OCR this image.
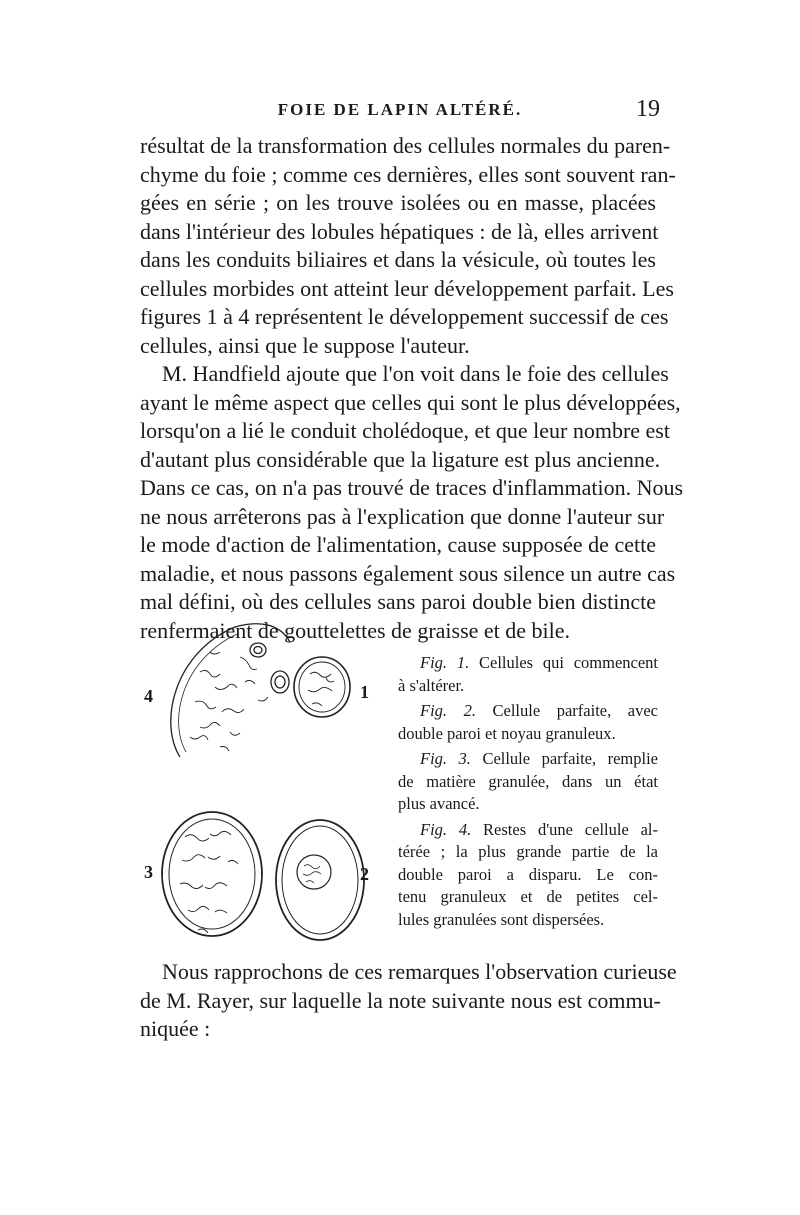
FOIE DE LAPIN ALTÉRÉ.	19
résultat de la transformation des cellules normales du paren-
chyme du foie ; comme ces dernières, elles sont souvent ran-
gées en série ; on les trouve isolées ou en masse, placées
dans l'intérieur des lobules hépatiques : de là, elles arrivent
dans les conduits biliaires et dans la vésicule, où toutes les
cellules morbides ont atteint leur développement parfait. Les
figures 1 à 4 représentent le développement successif de ces
cellules, ainsi que le suppose l'auteur.
M. Handfield ajoute que l'on voit dans le foie des cellules
ayant le même aspect que celles qui sont le plus développées,
lorsqu'on a lié le conduit cholédoque, et que leur nombre est
d'autant plus considérable que la ligature est plus ancienne.
Dans ce cas, on n'a pas trouvé de traces d'inflammation. Nous
ne nous arrêterons pas à l'explication que donne l'auteur sur
le mode d'action de l'alimentation, cause supposée de cette
maladie, et nous passons également sous silence un autre cas
mal défini, où des cellules sans paroi double bien distincte
renfermaient de gouttelettes de graisse et de bile.
4	1
3	2
Fig. 1. Cellules qui commencent
à s'altérer.
Fig. 2. Cellule parfaite, avec
double paroi et noyau granuleux.
Fig. 3. Cellule parfaite, remplie
de matière granulée, dans un état
plus avancé.
Fig. 4. Restes d'une cellule al-
térée ; la plus grande partie de la
double paroi a disparu. Le con-
tenu granuleux et de petites cel-
lules granulées sont dispersées.
Nous rapprochons de ces remarques l'observation curieuse
de M. Rayer, sur laquelle la note suivante nous est commu-
niquée :
